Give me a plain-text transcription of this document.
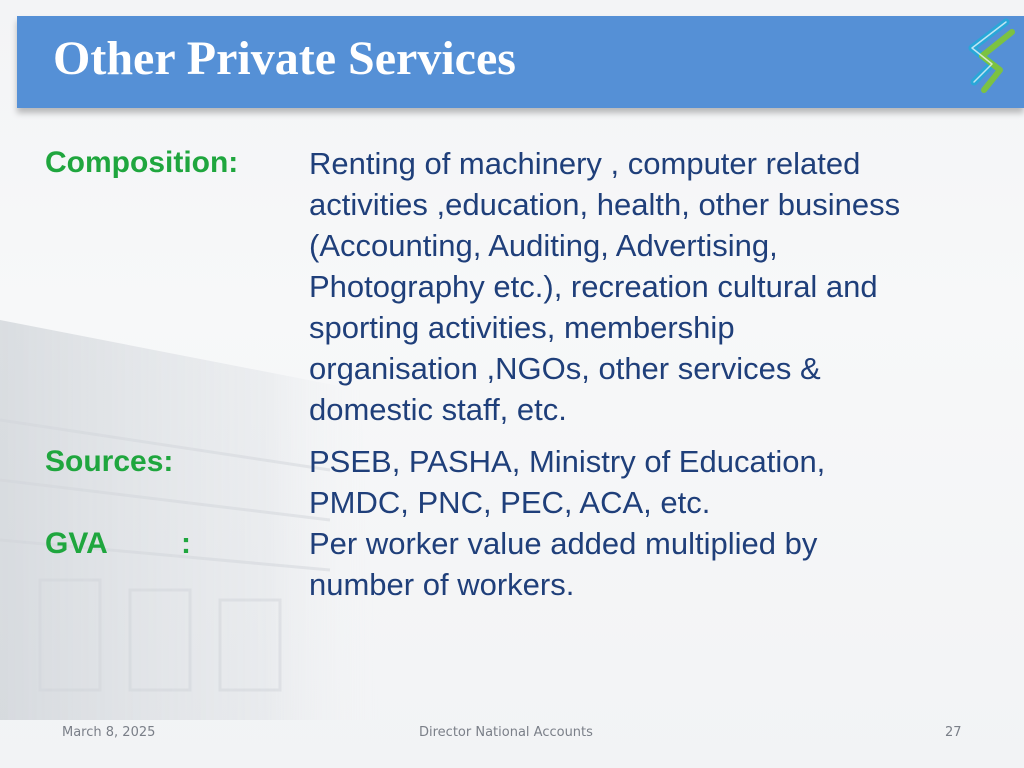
Other Private Services
Composition: Renting of machinery , computer related
activities ,education, health, other business
(Accounting, Auditing, Advertising,
Photography etc.), recreation cultural and
sporting activities, membership
organisation ,NGOs, other services &
domestic staff, etc.
Sources:	PSEB, PASHA, Ministry of Education,
PMDC, PNC, PEC, ACA, etc.
GVA :	Per worker value added multiplied by
number of workers.
March 8, 2025	Director National Accounts	27
